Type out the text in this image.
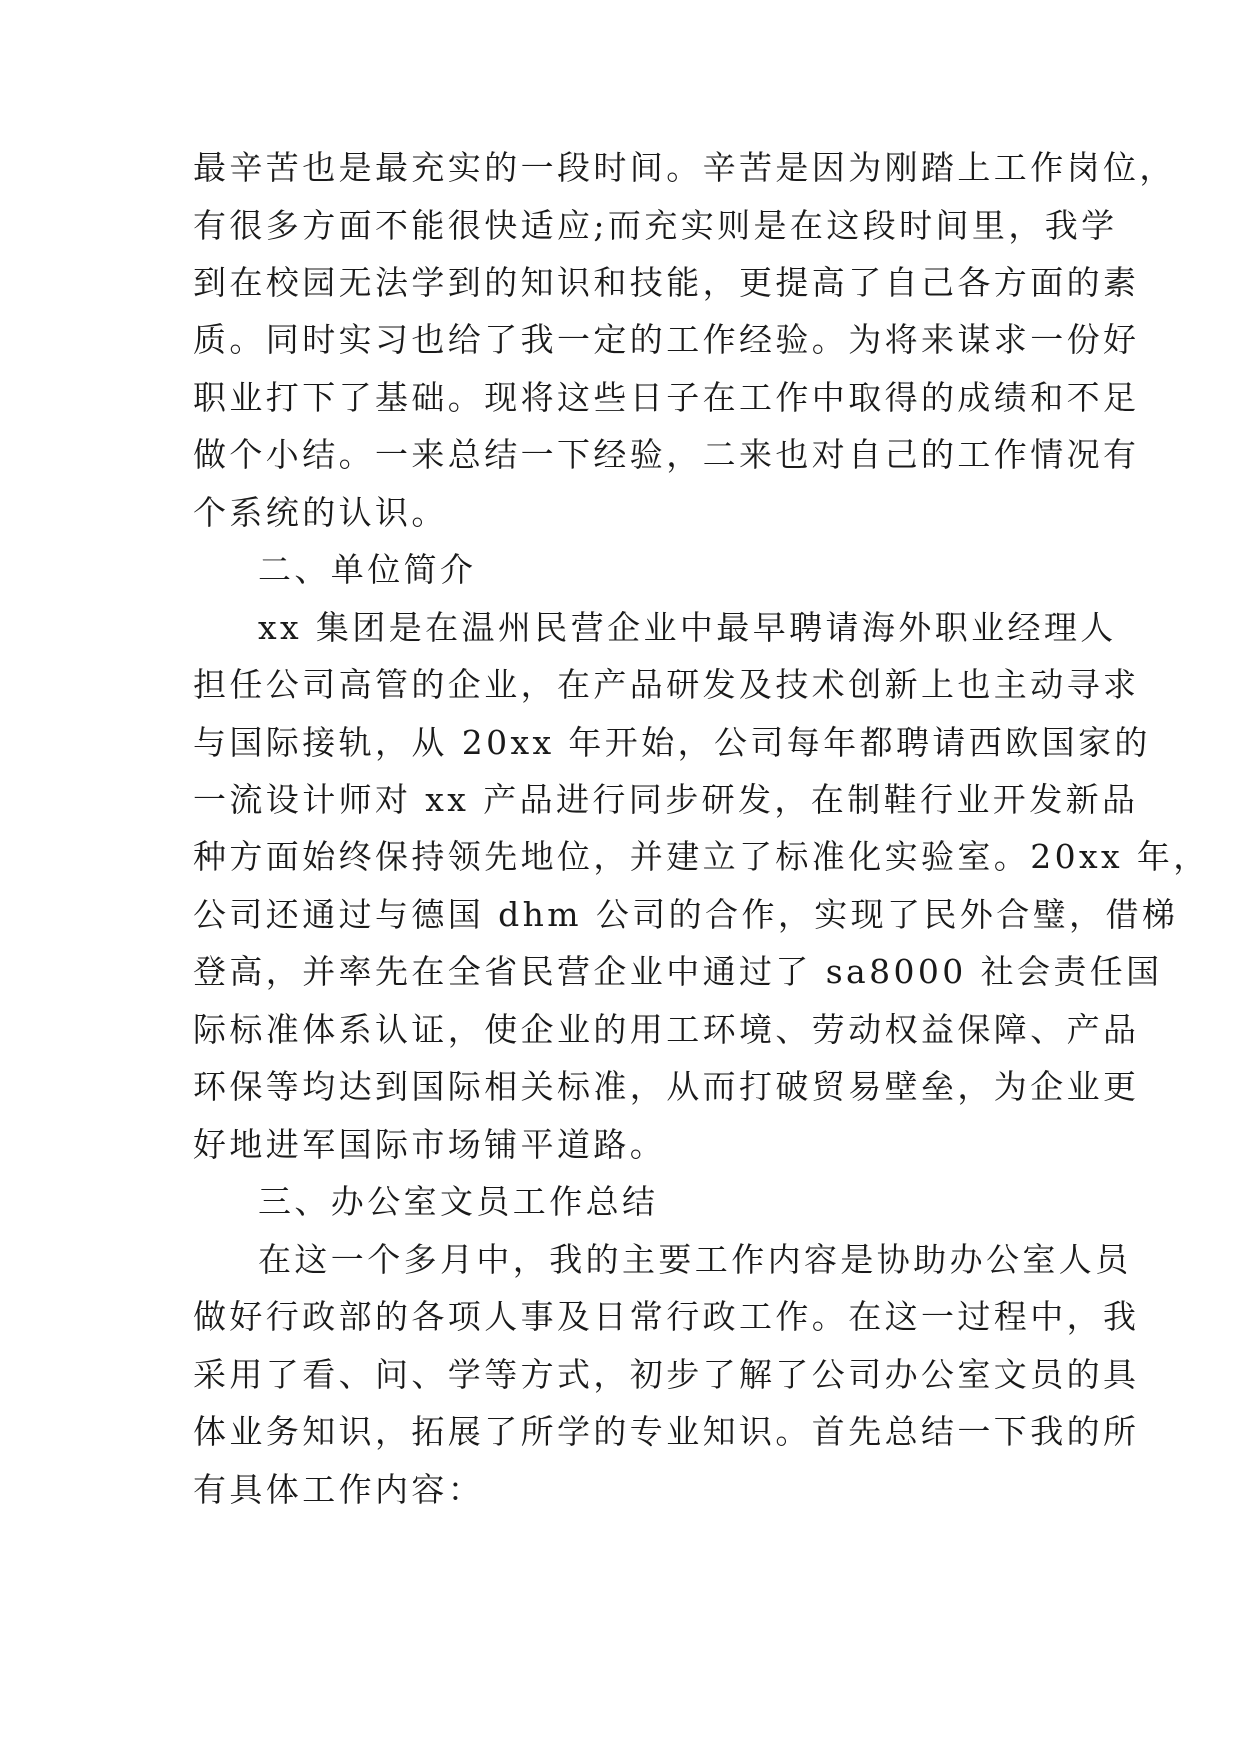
最辛苦也是最充实的一段时间。辛苦是因为刚踏上工作岗位，

有很多方面不能很快适应;而充实则是在这段时间里，我学

到在校园无法学到的知识和技能，更提高了自己各方面的素

质。同时实习也给了我一定的工作经验。为将来谋求一份好

职业打下了基础。现将这些日子在工作中取得的成绩和不足

做个小结。一来总结一下经验，二来也对自己的工作情况有

个系统的认识。

二、单位简介

xx 集团是在温州民营企业中最早聘请海外职业经理人

担任公司高管的企业，在产品研发及技术创新上也主动寻求

与国际接轨，从 20xx 年开始，公司每年都聘请西欧国家的

一流设计师对 xx 产品进行同步研发，在制鞋行业开发新品

种方面始终保持领先地位，并建立了标准化实验室。20xx 年，

公司还通过与德国 dhm 公司的合作，实现了民外合璧，借梯

登高，并率先在全省民营企业中通过了 sa8000 社会责任国

际标准体系认证，使企业的用工环境、劳动权益保障、产品

环保等均达到国际相关标准，从而打破贸易壁垒，为企业更

好地进军国际市场铺平道路。

三、办公室文员工作总结

在这一个多月中，我的主要工作内容是协助办公室人员

做好行政部的各项人事及日常行政工作。在这一过程中，我

采用了看、问、学等方式，初步了解了公司办公室文员的具

体业务知识，拓展了所学的专业知识。首先总结一下我的所

有具体工作内容：
